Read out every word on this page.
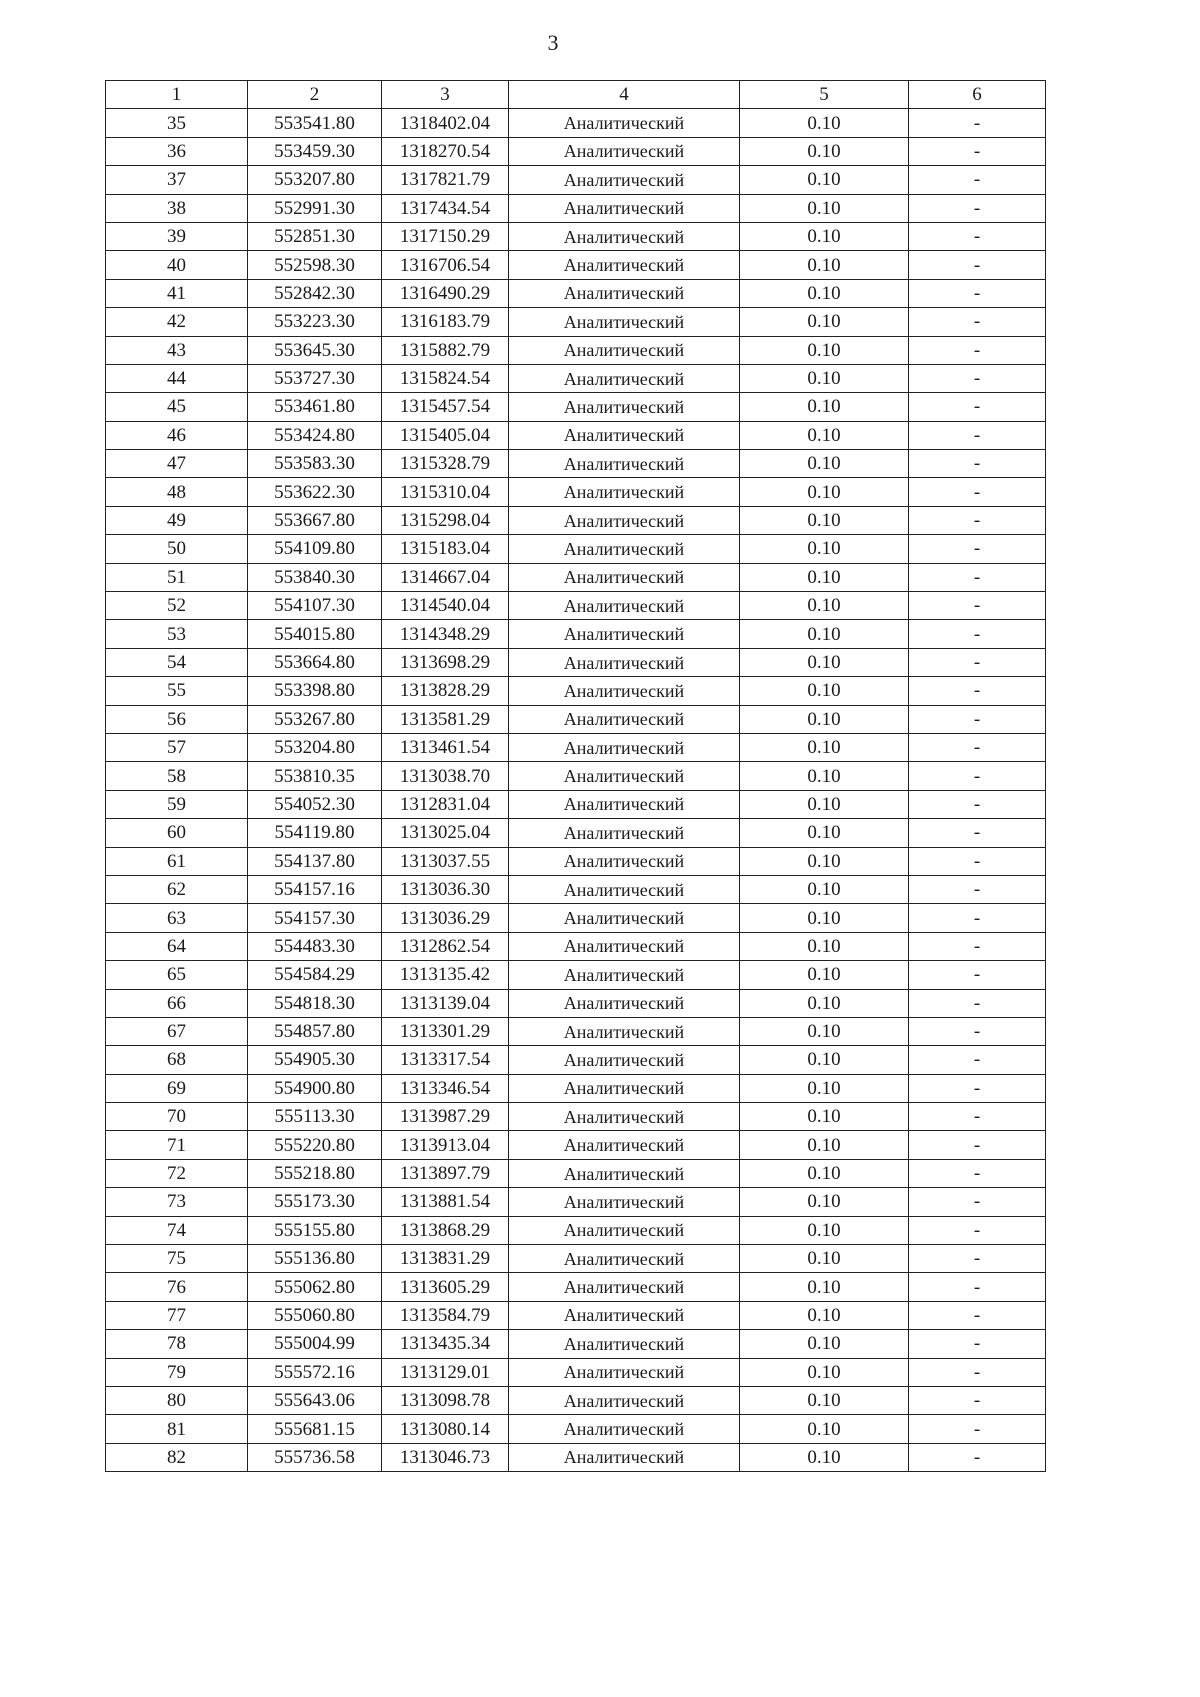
3
1	2	3	4	5	6
35	553541.80	1318402.04	Аналитический	0.10	-
36	553459.30	1318270.54	Аналитический	0.10	-
37	553207.80	1317821.79	Аналитический	0.10	-
38	552991.30	1317434.54	Аналитический	0.10	-
39	552851.30	1317150.29	Аналитический	0.10	-
40	552598.30	1316706.54	Аналитический	0.10	-
41	552842.30	1316490.29	Аналитический	0.10	-
42	553223.30	1316183.79	Аналитический	0.10	-
43	553645.30	1315882.79	Аналитический	0.10	-
44	553727.30	1315824.54	Аналитический	0.10	-
45	553461.80	1315457.54	Аналитический	0.10	-
46	553424.80	1315405.04	Аналитический	0.10	-
47	553583.30	1315328.79	Аналитический	0.10	-
48	553622.30	1315310.04	Аналитический	0.10	-
49	553667.80	1315298.04	Аналитический	0.10	-
50	554109.80	1315183.04	Аналитический	0.10	-
51	553840.30	1314667.04	Аналитический	0.10	-
52	554107.30	1314540.04	Аналитический	0.10	-
53	554015.80	1314348.29	Аналитический	0.10	-
54	553664.80	1313698.29	Аналитический	0.10	-
55	553398.80	1313828.29	Аналитический	0.10	-
56	553267.80	1313581.29	Аналитический	0.10	-
57	553204.80	1313461.54	Аналитический	0.10	-
58	553810.35	1313038.70	Аналитический	0.10	-
59	554052.30	1312831.04	Аналитический	0.10	-
60	554119.80	1313025.04	Аналитический	0.10	-
61	554137.80	1313037.55	Аналитический	0.10	-
62	554157.16	1313036.30	Аналитический	0.10	-
63	554157.30	1313036.29	Аналитический	0.10	-
64	554483.30	1312862.54	Аналитический	0.10	-
65	554584.29	1313135.42	Аналитический	0.10	-
66	554818.30	1313139.04	Аналитический	0.10	-
67	554857.80	1313301.29	Аналитический	0.10	-
68	554905.30	1313317.54	Аналитический	0.10	-
69	554900.80	1313346.54	Аналитический	0.10	-
70	555113.30	1313987.29	Аналитический	0.10	-
71	555220.80	1313913.04	Аналитический	0.10	-
72	555218.80	1313897.79	Аналитический	0.10	-
73	555173.30	1313881.54	Аналитический	0.10	-
74	555155.80	1313868.29	Аналитический	0.10	-
75	555136.80	1313831.29	Аналитический	0.10	-
76	555062.80	1313605.29	Аналитический	0.10	-
77	555060.80	1313584.79	Аналитический	0.10	-
78	555004.99	1313435.34	Аналитический	0.10	-
79	555572.16	1313129.01	Аналитический	0.10	-
80	555643.06	1313098.78	Аналитический	0.10	-
81	555681.15	1313080.14	Аналитический	0.10	-
82	555736.58	1313046.73	Аналитический	0.10	-
